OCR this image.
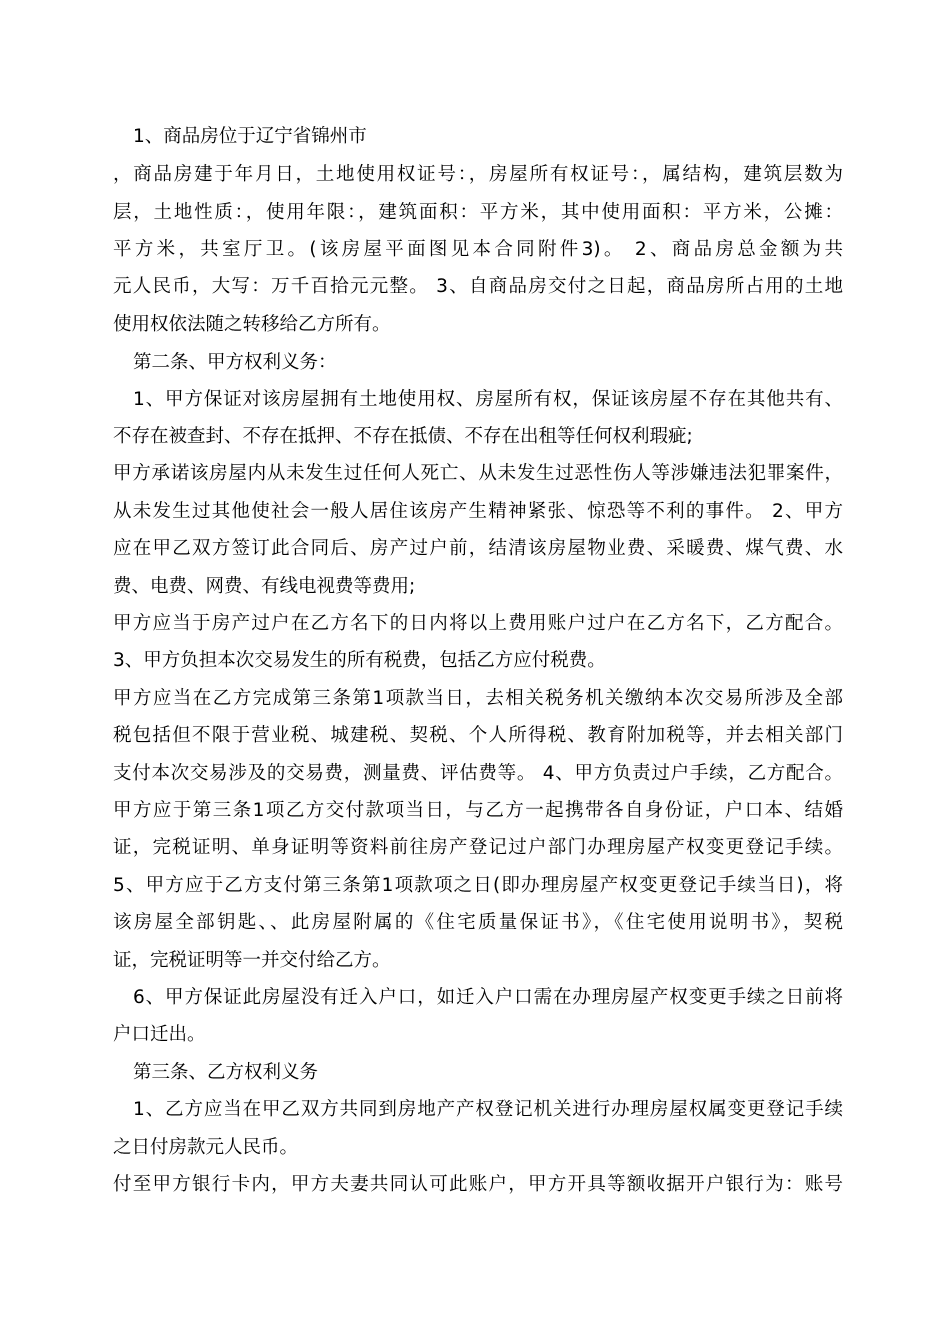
1、商品房位于辽宁省锦州市
，商品房建于年月日，土地使用权证号：，房屋所有权证号：，属结构，建筑层数为
层，土地性质：，使用年限：，建筑面积：平方米，其中使用面积：平方米，公摊：
平方米，共室厅卫。(该房屋平面图见本合同附件3)。 2、商品房总金额为共
元人民币，大写：万千百拾元元整。 3、自商品房交付之日起，商品房所占用的土地
使用权依法随之转移给乙方所有。
第二条、甲方权利义务：
1、甲方保证对该房屋拥有土地使用权、房屋所有权，保证该房屋不存在其他共有、
不存在被查封、不存在抵押、不存在抵债、不存在出租等任何权利瑕疵;
甲方承诺该房屋内从未发生过任何人死亡、从未发生过恶性伤人等涉嫌违法犯罪案件，
从未发生过其他使社会一般人居住该房产生精神紧张、惊恐等不利的事件。 2、甲方
应在甲乙双方签订此合同后、房产过户前，结清该房屋物业费、采暖费、煤气费、水
费、电费、网费、有线电视费等费用;
甲方应当于房产过户在乙方名下的日内将以上费用账户过户在乙方名下，乙方配合。
3、甲方负担本次交易发生的所有税费，包括乙方应付税费。
甲方应当在乙方完成第三条第1项款当日，去相关税务机关缴纳本次交易所涉及全部
税包括但不限于营业税、城建税、契税、个人所得税、教育附加税等，并去相关部门
支付本次交易涉及的交易费，测量费、评估费等。 4、甲方负责过户手续，乙方配合。
甲方应于第三条1项乙方交付款项当日，与乙方一起携带各自身份证，户口本、结婚
证，完税证明、单身证明等资料前往房产登记过户部门办理房屋产权变更登记手续。
5、甲方应于乙方支付第三条第1项款项之日(即办理房屋产权变更登记手续当日)，将
该房屋全部钥匙、、此房屋附属的《住宅质量保证书》，《住宅使用说明书》，契税
证，完税证明等一并交付给乙方。
6、甲方保证此房屋没有迁入户口，如迁入户口需在办理房屋产权变更手续之日前将
户口迁出。
第三条、乙方权利义务
1、乙方应当在甲乙双方共同到房地产产权登记机关进行办理房屋权属变更登记手续
之日付房款元人民币。
付至甲方银行卡内，甲方夫妻共同认可此账户，甲方开具等额收据开户银行为：账号
